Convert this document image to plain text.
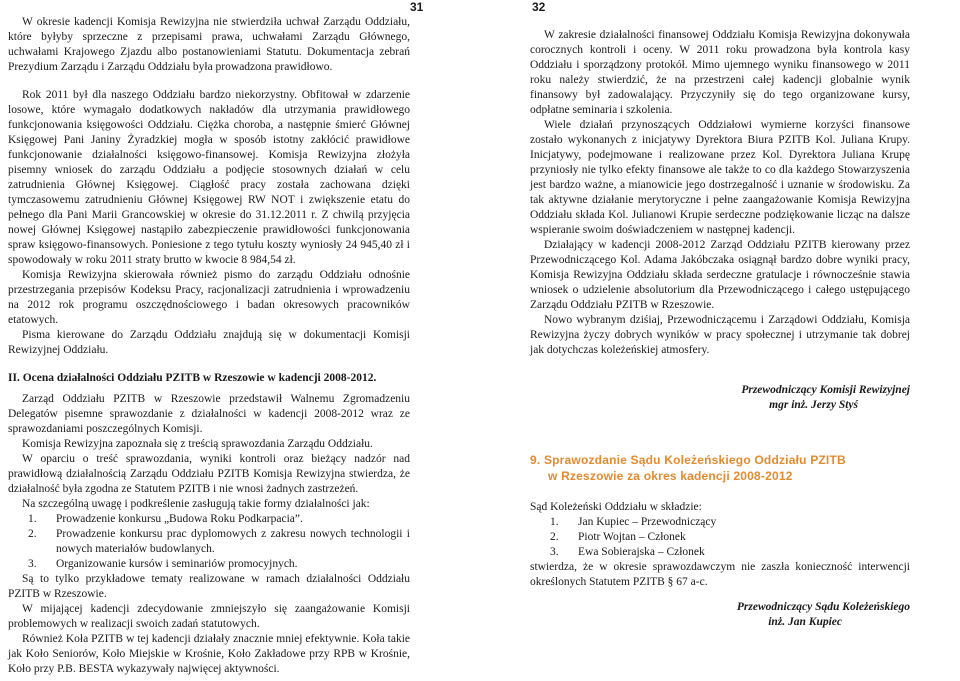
31

W okresie kadencji Komisja Rewizyjna nie stwierdziła uchwał Zarządu Oddziału, które byłyby sprzeczne z przepisami prawa, uchwałami Zarządu Głównego, uchwałami Krajowego Zjazdu albo postanowieniami Statutu. Dokumentacja zebrań Prezydium Zarządu i Zarządu Oddziału była prowadzona prawidłowo.

Rok 2011 był dla naszego Oddziału bardzo niekorzystny. Obfitował w zdarzenie losowe, które wymagało dodatkowych nakładów dla utrzymania prawidłowego funkcjonowania księgowości Oddziału. Ciężka choroba, a następnie śmierć Głównej Księgowej Pani Janiny Żyradzkiej mogła w sposób istotny zakłócić prawidłowe funkcjonowanie działalności księgowo-finansowej. Komisja Rewizyjna złożyła pisemny wniosek do zarządu Oddziału a podjęcie stosownych działań w celu zatrudnienia Głównej Księgowej. Ciągłość pracy została zachowana dzięki tymczasowemu zatrudnieniu Głównej Księgowej RW NOT i zwiększenie etatu do pełnego dla Pani Marii Grancowskiej w okresie do 31.12.2011 r. Z chwilą przyjęcia nowej Głównej Księgowej nastąpiło zabezpieczenie prawidłowości funkcjonowania spraw księgowo-finansowych. Poniesione z tego tytułu koszty wyniosły 24 945,40 zł i spowodowały w roku 2011 straty brutto w kwocie 8 984,54 zł.

Komisja Rewizyjna skierowała również pismo do zarządu Oddziału odnośnie przestrzegania przepisów Kodeksu Pracy, racjonalizacji zatrudnienia i wprowadzeniu na 2012 rok programu oszczędnościowego i badan okresowych pracowników etatowych.

Pisma kierowane do Zarządu Oddziału znajdują się w dokumentacji Komisji Rewizyjnej Oddziału.

II. Ocena działalności Oddziału PZITB w Rzeszowie w kadencji 2008-2012.

Zarząd Oddziału PZITB w Rzeszowie przedstawił Walnemu Zgromadzeniu Delegatów pisemne sprawozdanie z działalności w kadencji 2008-2012 wraz ze sprawozdaniami poszczególnych Komisji.

Komisja Rewizyjna zapoznała się z treścią sprawozdania Zarządu Oddziału.

W oparciu o treść sprawozdania, wyniki kontroli oraz bieżący nadzór nad prawidłową działalnością Zarządu Oddziału PZITB Komisja Rewizyjna stwierdza, że działalność była zgodna ze Statutem PZITB i nie wnosi żadnych zastrzeżeń.

Na szczególną uwagę i podkreślenie zasługują takie formy działalności jak:

1. Prowadzenie konkursu „Budowa Roku Podkarpacia”.
2. Prowadzenie konkursu prac dyplomowych z zakresu nowych technologii i nowych materiałów budowlanych.
3. Organizowanie kursów i seminariów promocyjnych.

Są to tylko przykładowe tematy realizowane w ramach działalności Oddziału PZITB w Rzeszowie.

W mijającej kadencji zdecydowanie zmniejszyło się zaangażowanie Komisji problemowych w realizacji swoich zadań statutowych.

Również Koła PZITB w tej kadencji działały znacznie mniej efektywnie. Koła takie jak Koło Seniorów, Koło Miejskie w Krośnie, Koło Zakładowe przy RPB w Krośnie, Koło przy P.B. BESTA wykazywały najwięcej aktywności.

32

W zakresie działalności finansowej Oddziału Komisja Rewizyjna dokonywała corocznych kontroli i oceny. W 2011 roku prowadzona była kontrola kasy Oddziału i sporządzony protokół. Mimo ujemnego wyniku finansowego w 2011 roku należy stwierdzić, że na przestrzeni całej kadencji globalnie wynik finansowy był zadowalający. Przyczyniły się do tego organizowane kursy, odpłatne seminaria i szkolenia.

Wiele działań przynoszących Oddziałowi wymierne korzyści finansowe zostało wykonanych z inicjatywy Dyrektora Biura PZITB Kol. Juliana Krupy. Inicjatywy, podejmowane i realizowane przez Kol. Dyrektora Juliana Krupę przyniosły nie tylko efekty finansowe ale także to co dla każdego Stowarzyszenia jest bardzo ważne, a mianowicie jego dostrzegalność i uznanie w środowisku. Za tak aktywne działanie merytoryczne i pełne zaangażowanie Komisja Rewizyjna Oddziału składa Kol. Julianowi Krupie serdeczne podziękowanie licząc na dalsze wspieranie swoim doświadczeniem w następnej kadencji.

Działający w kadencji 2008-2012 Zarząd Oddziału PZITB kierowany przez Przewodniczącego Kol. Adama Jakóbczaka osiągnął bardzo dobre wyniki pracy, Komisja Rewizyjna Oddziału składa serdeczne gratulacje i równocześnie stawia wniosek o udzielenie absolutorium dla Przewodniczącego i całego ustępującego Zarządu Oddziału PZITB w Rzeszowie.

Nowo wybranym dziśiaj, Przewodniczącemu i Zarządowi Oddziału, Komisja Rewizyjna życzy dobrych wyników w pracy społecznej i utrzymanie tak dobrej jak dotychczas koleżeńskiej atmosfery.

Przewodniczący Komisji Rewizyjnej
mgr inż. Jerzy Styś
9. Sprawozdanie Sądu Koleżeńskiego Oddziału PZITB
w Rzeszowie za okres kadencji 2008-2012

Sąd Koleżeński Oddziału w składzie:

1. Jan Kupiec – Przewodniczący
2. Piotr Wojtan – Członek
3. Ewa Sobierajska – Członek

stwierdza, że w okresie sprawozdawczym nie zaszła konieczność interwencji określonych Statutem PZITB § 67 a-c.

Przewodniczący Sądu Koleżeńskiego
inż. Jan Kupiec
